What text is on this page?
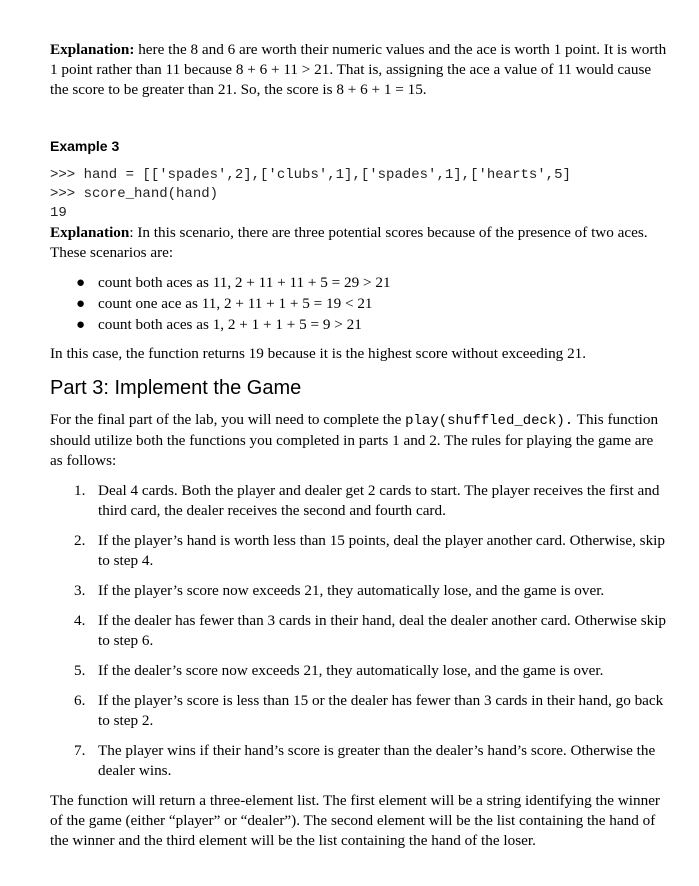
Explanation: here the 8 and 6 are worth their numeric values and the ace is worth 1 point. It is worth 1 point rather than 11 because 8 + 6 + 11 > 21. That is, assigning the ace a value of 11 would cause the score to be greater than 21. So, the score is 8 + 6 + 1 = 15.

Example 3
>>> hand = [['spades',2],['clubs',1],['spades',1],['hearts',5]
>>> score_hand(hand)
19

Explanation: In this scenario, there are three potential scores because of the presence of two aces. These scenarios are:

● count both aces as 11, 2 + 11 + 11 + 5 = 29 > 21
● count one ace as 11, 2 + 11 + 1 + 5 = 19 < 21
● count both aces as 1, 2 + 1 + 1 + 5 = 9 > 21

In this case, the function returns 19 because it is the highest score without exceeding 21.

Part 3: Implement the Game

For the final part of the lab, you will need to complete the play(shuffled_deck). This function should utilize both the functions you completed in parts 1 and 2. The rules for playing the game are as follows:

1. Deal 4 cards. Both the player and dealer get 2 cards to start. The player receives the first and third card, the dealer receives the second and fourth card.
2. If the player’s hand is worth less than 15 points, deal the player another card. Otherwise, skip to step 4.
3. If the player’s score now exceeds 21, they automatically lose, and the game is over.
4. If the dealer has fewer than 3 cards in their hand, deal the dealer another card. Otherwise skip to step 6.
5. If the dealer’s score now exceeds 21, they automatically lose, and the game is over.
6. If the player’s score is less than 15 or the dealer has fewer than 3 cards in their hand, go back to step 2.
7. The player wins if their hand’s score is greater than the dealer’s hand’s score. Otherwise the dealer wins.

The function will return a three-element list. The first element will be a string identifying the winner of the game (either “player” or “dealer”). The second element will be the list containing the hand of the winner and the third element will be the list containing the hand of the loser.
